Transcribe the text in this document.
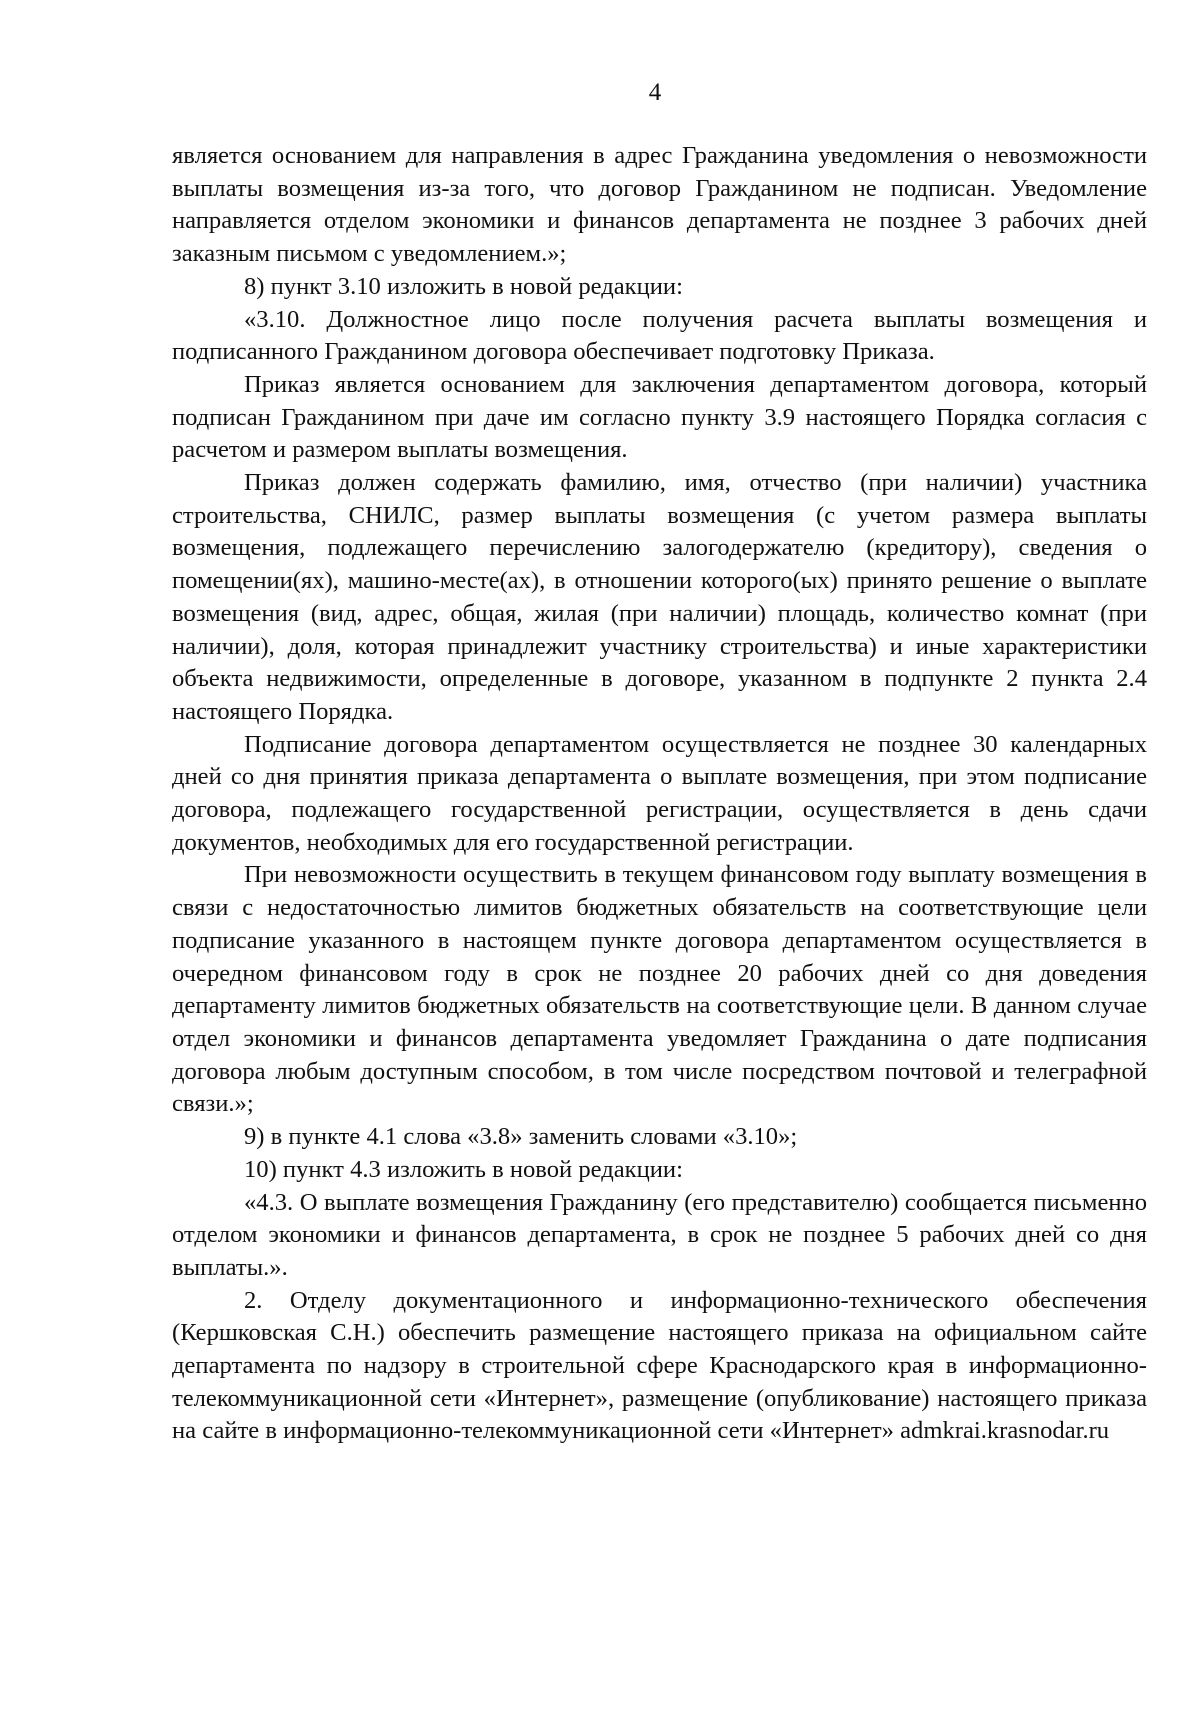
4

является основанием для направления в адрес Гражданина уведомления о невозможности выплаты возмещения из-за того, что договор Гражданином не подписан. Уведомление направляется отделом экономики и финансов департамента не позднее 3 рабочих дней заказным письмом с уведомлением.»;

8) пункт 3.10 изложить в новой редакции:

«3.10. Должностное лицо после получения расчета выплаты возмещения и подписанного Гражданином договора обеспечивает подготовку Приказа.

Приказ является основанием для заключения департаментом договора, который подписан Гражданином при даче им согласно пункту 3.9 настоящего Порядка согласия с расчетом и размером выплаты возмещения.

Приказ должен содержать фамилию, имя, отчество (при наличии) участника строительства, СНИЛС, размер выплаты возмещения (с учетом размера выплаты возмещения, подлежащего перечислению залогодержателю (кредитору), сведения о помещении(ях), машино-месте(ах), в отношении которого(ых) принято решение о выплате возмещения (вид, адрес, общая, жилая (при наличии) площадь, количество комнат (при наличии), доля, которая принадлежит участнику строительства) и иные характеристики объекта недвижимости, определенные в договоре, указанном в подпункте 2 пункта 2.4 настоящего Порядка.

Подписание договора департаментом осуществляется не позднее 30 календарных дней со дня принятия приказа департамента о выплате возмещения, при этом подписание договора, подлежащего государственной регистрации, осуществляется в день сдачи документов, необходимых для его государственной регистрации.

При невозможности осуществить в текущем финансовом году выплату возмещения в связи с недостаточностью лимитов бюджетных обязательств на соответствующие цели подписание указанного в настоящем пункте договора департаментом осуществляется в очередном финансовом году в срок не позднее 20 рабочих дней со дня доведения департаменту лимитов бюджетных обязательств на соответствующие цели. В данном случае отдел экономики и финансов департамента уведомляет Гражданина о дате подписания договора любым доступным способом, в том числе посредством почтовой и телеграфной связи.»;

9) в пункте 4.1 слова «3.8» заменить словами «3.10»;

10) пункт 4.3 изложить в новой редакции:

«4.3. О выплате возмещения Гражданину (его представителю) сообщается письменно отделом экономики и финансов департамента, в срок не позднее 5 рабочих дней со дня выплаты.».

2. Отделу документационного и информационно-технического обеспечения (Кершковская С.Н.) обеспечить размещение настоящего приказа на официальном сайте департамента по надзору в строительной сфере Краснодарского края в информационно-телекоммуникационной сети «Интернет», размещение (опубликование) настоящего приказа на сайте в информационно-телекоммуникационной сети «Интернет» admkrai.krasnodar.ru
